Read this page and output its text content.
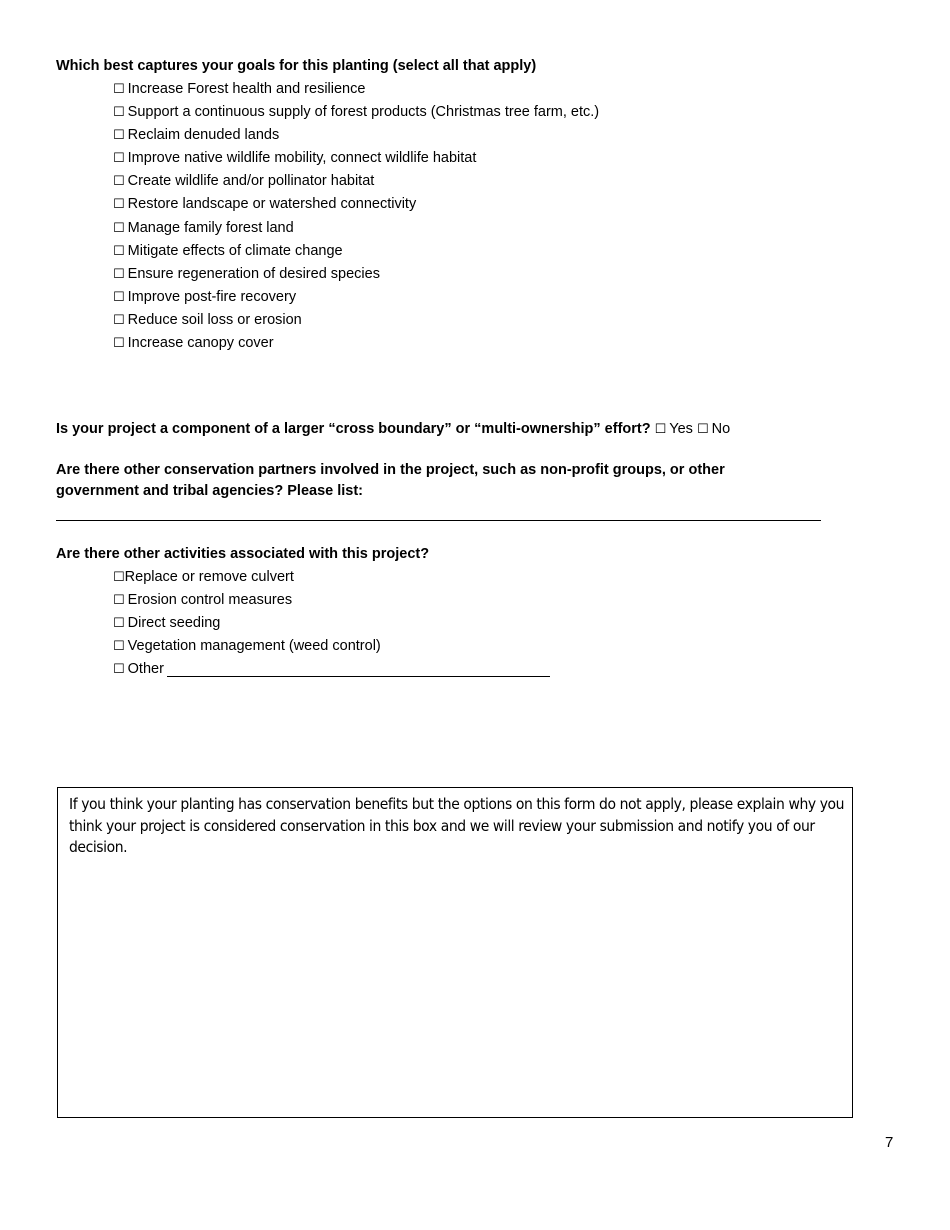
Which best captures your goals for this planting (select all that apply)

☐ Increase Forest health and resilience
☐ Support a continuous supply of forest products (Christmas tree farm, etc.)
☐ Reclaim denuded lands
☐ Improve native wildlife mobility, connect wildlife habitat
☐ Create wildlife and/or pollinator habitat
☐ Restore landscape or watershed connectivity
☐ Manage family forest land
☐ Mitigate effects of climate change
☐ Ensure regeneration of desired species
☐ Improve post-fire recovery
☐ Reduce soil loss or erosion
☐ Increase canopy cover

Is your project a component of a larger “cross boundary” or “multi-ownership” effort? ☐ Yes ☐ No

Are there other conservation partners involved in the project, such as non-profit groups, or other

government and tribal agencies? Please list:

Are there other activities associated with this project?

☐Replace or remove culvert
☐ Erosion control measures
☐ Direct seeding
☐ Vegetation management (weed control)
☐ Other

If you think your planting has conservation benefits but the options on this form do not apply, please explain why you think your project is considered conservation in this box and we will review your submission and notify you of our decision.

7
